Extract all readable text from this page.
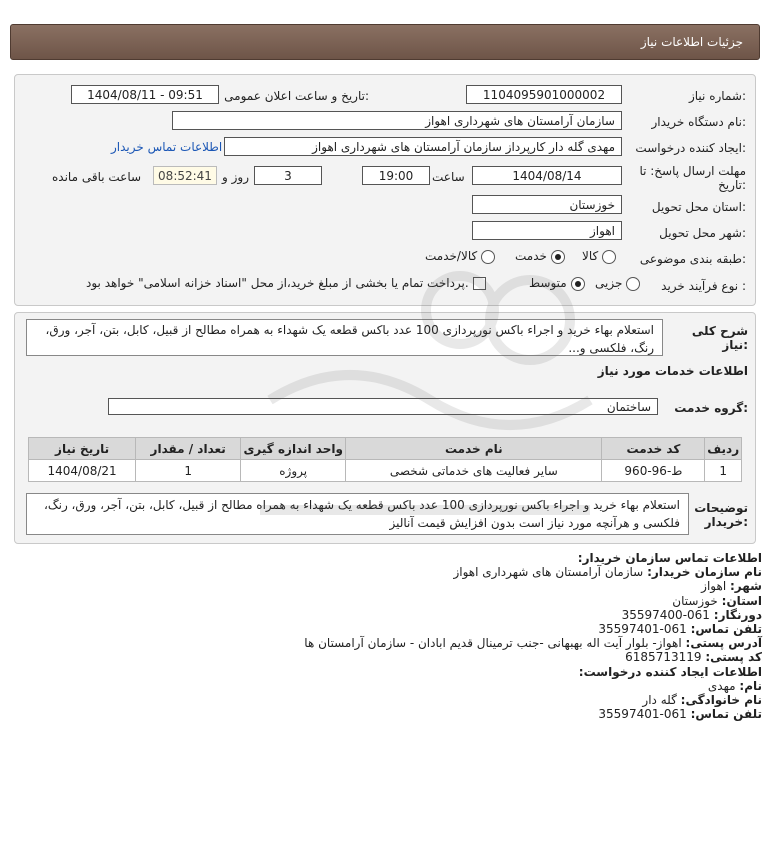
جزئیات اطلاعات نیاز
شماره نیاز:
1104095901000002
تاریخ و ساعت اعلان عمومی:
1404/08/11 - 09:51
نام دستگاه خریدار:
سازمان آرامستان های شهرداری اهواز
ایجاد کننده درخواست:
مهدی گله دار کارپرداز سازمان آرامستان های شهرداری اهواز
اطلاعات تماس خریدار
مهلت ارسال پاسخ: تا
تاریخ:
1404/08/14
ساعت
19:00
3
روز و
08:52:41
ساعت باقی مانده
استان محل تحویل:
خوزستان
شهر محل تحویل:
اهواز
طبقه بندی موضوعی:
کالا
خدمت
کالا/خدمت
نوع فرآیند خرید :
جزیی
متوسط
پرداخت تمام یا بخشی از مبلغ خرید،از محل "اسناد خزانه اسلامی" خواهد بود.
شرح کلی
نیاز:
استعلام بهاء خرید و اجراء باکس نورپردازی 100 عدد باکس قطعه یک شهداء به همراه مطالح از قبیل، کابل، بتن، آجر، ورق، رنگ، فلکسی و...
اطلاعات خدمات مورد نیاز
گروه خدمت:
ساختمان
ردیف	کد خدمت	نام خدمت	واحد اندازه گیری	تعداد / مقدار	تاریخ نیاز
1	ط-96-960	سایر فعالیت های خدماتی شخصی	پروژه	1	1404/08/21
توضیحات
خریدار:
استعلام بهاء خرید و اجراء باکس نورپردازی 100 عدد باکس قطعه یک شهداء به همراه مطالح از قبیل، کابل، بتن، آجر، ورق، رنگ، فلکسی و هرآنچه مورد نیاز است بدون افزایش قیمت آنالیز
اطلاعات تماس سازمان خریدار:
نام سازمان خریدار: سازمان آرامستان های شهرداری اهواز
شهر: اهواز
استان: خوزستان
دورنگار: 061-35597400
تلفن تماس: 061-35597401
آدرس پستی: اهواز- بلوار آیت اله بهبهانی -جنب ترمینال قدیم ابادان - سازمان آرامستان ها
کد پستی: 6185713119
اطلاعات ایجاد کننده درخواست:
نام: مهدی
نام خانوادگی: گله دار
تلفن تماس: 061-35597401
